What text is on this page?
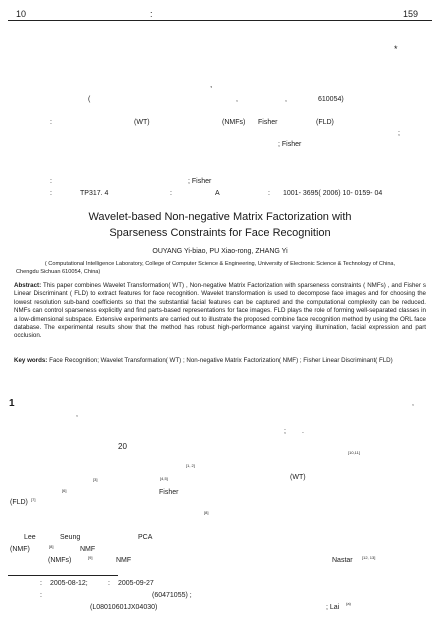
10	:	159
*
,
(	,	,	610054)
:	(WT)	(NMFs) Fisher	(FLD)
;
; Fisher
:	; Fisher
:	TP317. 4	:	A	: 1001- 3695( 2006) 10- 0159- 04
Wavelet-based Non-negative Matrix Factorization with
Sparseness Constraints for Face Recognition
OUYANG Yi-biao, PU Xiao-rong, ZHANG Yi
( Computational Intelligence Laboratory, College of Computer Science & Engineering, University of Electronic Science & Technology of China,
Chengdu Sichuan 610054, China)
Abstract: This paper combines Wavelet Transformation( WT) , Non-negative Matrix Factorization with sparseness constraints ( NMFs) , and Fisher s Linear Discriminant ( FLD) to extract features for face recognition. Wavelet transformation is used to decompose face images and for choosing the lowest resolution sub-band coefficients so that the substantial facial features can be captured and the computational complexity can be reduced. NMFs can control sparseness explicitly and find parts-based representations for face images. FLD plays the role of forming well-separated classes in a low-dimensional subspace. Extensive experiments are carried out to illustrate the proposed combine face recognition method by using the ORL face database. The experimental results show that the method has robust high-performance against varying illumination, facial expression and part occlusion.
Key words: Face Recognition; Wavelet Transformation( WT) ; Non-negative Matrix Factorization( NMF) ; Fisher Linear Discriminant( FLD)
1	,
,
; .
20
[10,11]
[1, 2]
[3]	[4,5]	(WT)
[6]	Fisher
(FLD) [7]
[8]
Lee	Seung	PCA
(NMF)	[8]	NMF
(NMFs)	[9]	NMF	Nastar [12, 13]
: 2005-08-12;	: 2005-09-27
:	(60471055) ;
(L08010601JX04030)	; Lai
(a)
